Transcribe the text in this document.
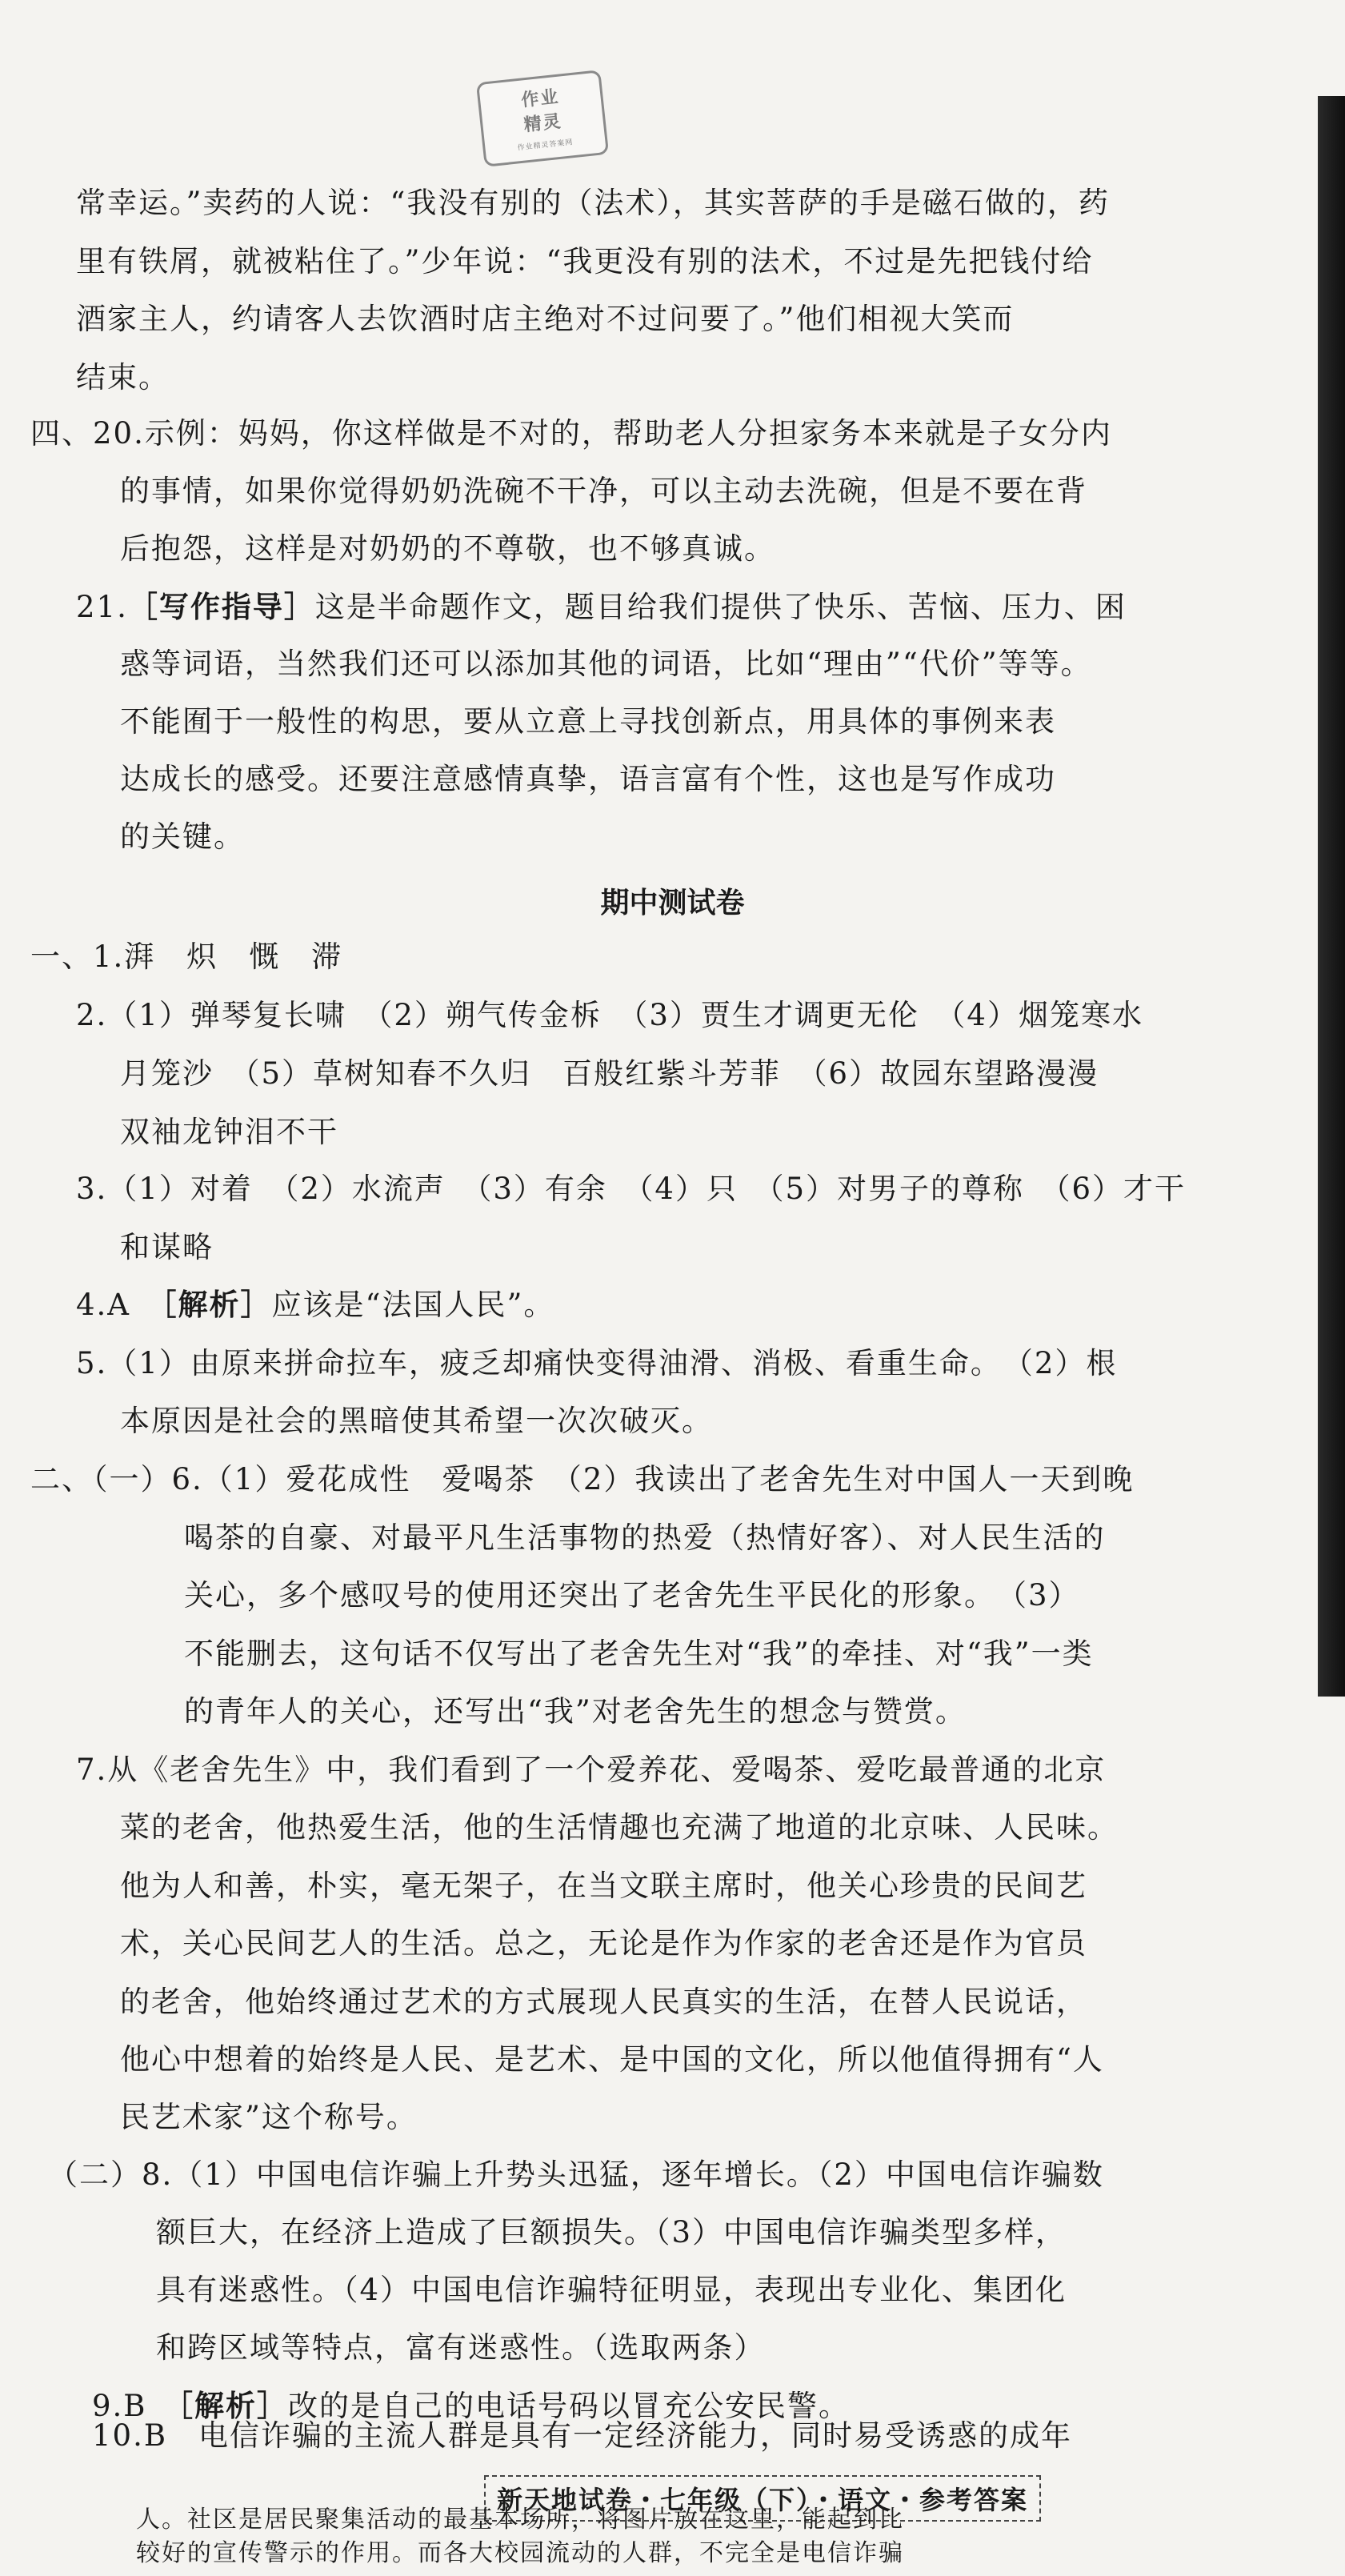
作业
精灵
作业精灵答案网
常幸运。”卖药的人说：“我没有别的（法术），其实菩萨的手是磁石做的，药
里有铁屑，就被粘住了。”少年说：“我更没有别的法术，不过是先把钱付给
酒家主人，约请客人去饮酒时店主绝对不过问要了。”他们相视大笑而
结束。
四、20.示例：妈妈，你这样做是不对的，帮助老人分担家务本来就是子女分内
的事情，如果你觉得奶奶洗碗不干净，可以主动去洗碗，但是不要在背
后抱怨，这样是对奶奶的不尊敬，也不够真诚。
21.［写作指导］这是半命题作文，题目给我们提供了快乐、苦恼、压力、困
惑等词语，当然我们还可以添加其他的词语，比如“理由”“代价”等等。
不能囿于一般性的构思，要从立意上寻找创新点，用具体的事例来表
达成长的感受。还要注意感情真挚，语言富有个性，这也是写作成功
的关键。
期中测试卷
一、1.湃　炽　慨　滞
2.（1）弹琴复长啸　（2）朔气传金柝　（3）贾生才调更无伦　（4）烟笼寒水
月笼沙　（5）草树知春不久归　百般红紫斗芳菲　（6）故园东望路漫漫
双袖龙钟泪不干
3.（1）对着　（2）水流声　（3）有余　（4）只　（5）对男子的尊称　（6）才干
和谋略
4.A　［解析］应该是“法国人民”。
5.（1）由原来拼命拉车，疲乏却痛快变得油滑、消极、看重生命。　（2）根
本原因是社会的黑暗使其希望一次次破灭。
二、（一）6.（1）爱花成性　爱喝茶　（2）我读出了老舍先生对中国人一天到晚
喝茶的自豪、对最平凡生活事物的热爱（热情好客）、对人民生活的
关心，多个感叹号的使用还突出了老舍先生平民化的形象。　（3）
不能删去，这句话不仅写出了老舍先生对“我”的牵挂、对“我”一类
的青年人的关心，还写出“我”对老舍先生的想念与赞赏。
7.从《老舍先生》中，我们看到了一个爱养花、爱喝茶、爱吃最普通的北京
菜的老舍，他热爱生活，他的生活情趣也充满了地道的北京味、人民味。
他为人和善，朴实，毫无架子，在当文联主席时，他关心珍贵的民间艺
术，关心民间艺人的生活。总之，无论是作为作家的老舍还是作为官员
的老舍，他始终通过艺术的方式展现人民真实的生活，在替人民说话，
他心中想着的始终是人民、是艺术、是中国的文化，所以他值得拥有“人
民艺术家”这个称号。
（二）8.（1）中国电信诈骗上升势头迅猛，逐年增长。（2）中国电信诈骗数
额巨大，在经济上造成了巨额损失。（3）中国电信诈骗类型多样，
具有迷惑性。（4）中国电信诈骗特征明显，表现出专业化、集团化
和跨区域等特点，富有迷惑性。（选取两条）
9.B　［解析］改的是自己的电话号码以冒充公安民警。
新天地试卷・七年级（下）・语文・参考答案
10.B　电信诈骗的主流人群是具有一定经济能力，同时易受诱惑的成年
人。社区是居民聚集活动的最基本场所，将图片放在这里，能起到比
较好的宣传警示的作用。而各大校园流动的人群，不完全是电信诈骗
